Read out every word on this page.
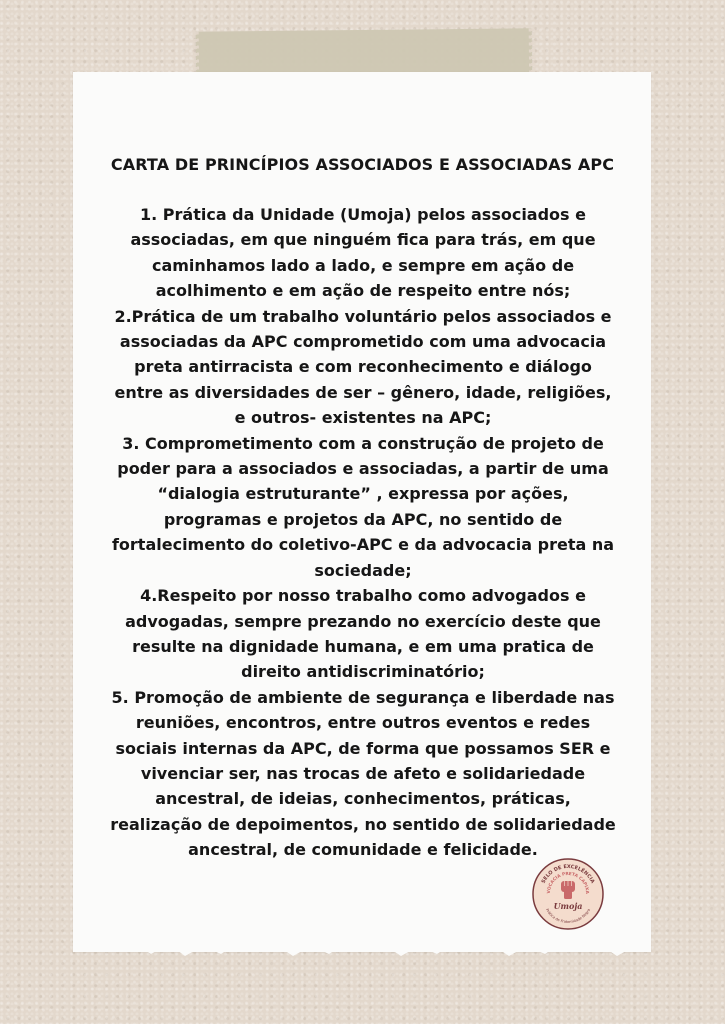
CARTA DE PRINCÍPIOS ASSOCIADOS E ASSOCIADAS APC

1. Prática da Unidade (Umoja) pelos associados e associadas, em que ninguém fica para trás, em que caminhamos lado a lado, e sempre em ação de acolhimento e em ação de respeito entre nós;

2.Prática de um trabalho voluntário pelos associados e associadas da APC comprometido com uma advocacia preta antirracista e com reconhecimento e diálogo entre as diversidades de ser – gênero, idade, religiões, e outros- existentes na APC;

3. Comprometimento com a construção de projeto de poder para a associados e associadas, a partir de uma “dialogia estruturante” , expressa por ações, programas e projetos da APC, no sentido de fortalecimento do coletivo-APC e da advocacia preta na sociedade;

4.Respeito por nosso trabalho como advogados e advogadas, sempre prezando no exercício deste que resulte na dignidade humana, e em uma pratica de direito antidiscriminatório;

5. Promoção de ambiente de segurança e liberdade nas reuniões, encontros, entre outros eventos e redes sociais internas da APC, de forma que possamos SER e vivenciar ser, nas trocas de afeto e solidariedade ancestral, de ideias, conhecimentos, práticas, realização de depoimentos, no sentido de solidariedade ancestral, de comunidade e felicidade.

SELO DE EXCELÊNCIA
VOCACIA PRETA CAPIXA
Prática de Fraternidade Negra
Umoja
